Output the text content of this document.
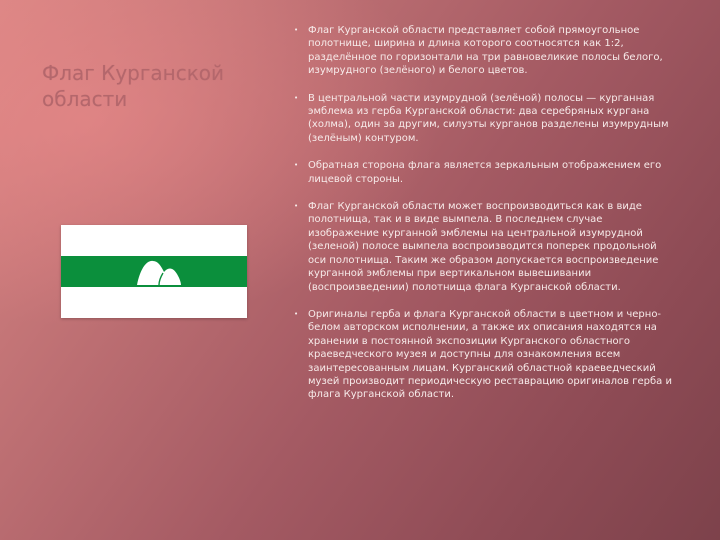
Флаг Курганской области
• Флаг Курганской области представляет собой прямоугольное полотнище, ширина и длина которого соотносятся как 1:2, разделённое по горизонтали на три равновеликие полосы белого, изумрудного (зелёного) и белого цветов.
• В центральной части изумрудной (зелёной) полосы — курганная эмблема из герба Курганской области: два серебряных кургана (холма), один за другим, силуэты курганов разделены изумрудным (зелёным) контуром.
• Обратная сторона флага является зеркальным отображением его лицевой стороны.
• Флаг Курганской области может воспроизводиться как в виде полотнища, так и в виде вымпела. В последнем случае изображение курганной эмблемы на центральной изумрудной (зеленой) полосе вымпела воспроизводится поперек продольной оси полотнища. Таким же образом допускается воспроизведение курганной эмблемы при вертикальном вывешивании (воспроизведении) полотнища флага Курганской области.
• Оригиналы герба и флага Курганской области в цветном и черно-белом авторском исполнении, а также их описания находятся на хранении в постоянной экспозиции Курганского областного краеведческого музея и доступны для ознакомления всем заинтересованным лицам. Курганский областной краеведческий музей производит периодическую реставрацию оригиналов герба и флага Курганской области.
